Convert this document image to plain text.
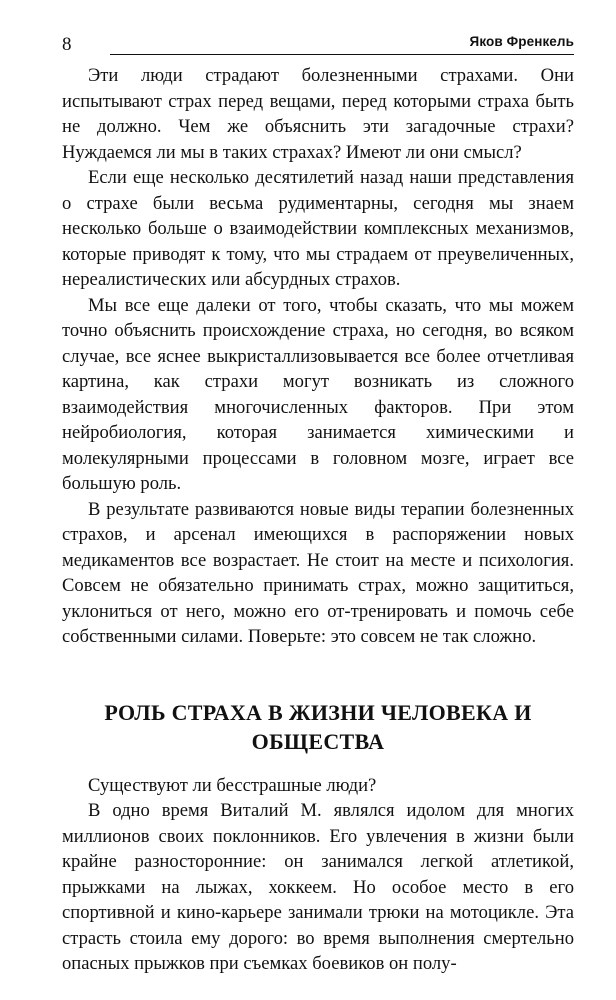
8	Яков Френкель

Эти люди страдают болезненными страхами. Они испытывают страх перед вещами, перед которыми страха быть не должно. Чем же объяснить эти загадочные страхи? Нуждаемся ли мы в таких страхах? Имеют ли они смысл?

Если еще несколько десятилетий назад наши представления о страхе были весьма рудиментарны, сегодня мы знаем несколько больше о взаимодействии комплексных механизмов, которые приводят к тому, что мы страдаем от преувеличенных, нереалистических или абсурдных страхов.

Мы все еще далеки от того, чтобы сказать, что мы можем точно объяснить происхождение страха, но сегодня, во всяком случае, все яснее выкристаллизовывается все более отчетливая картина, как страхи могут возникать из сложного взаимодействия многочисленных факторов. При этом нейробиология, которая занимается химическими и молекулярными процессами в головном мозге, играет все большую роль.

В результате развиваются новые виды терапии болезненных страхов, и арсенал имеющихся в распоряжении новых медикаментов все возрастает. Не стоит на месте и психология. Совсем не обязательно принимать страх, можно защититься, уклониться от него, можно его от-тренировать и помочь себе собственными силами. Поверьте: это совсем не так сложно.

РОЛЬ СТРАХА В ЖИЗНИ ЧЕЛОВЕКА И ОБЩЕСТВА

Существуют ли бесстрашные люди?

В одно время Виталий М. являлся идолом для многих миллионов своих поклонников. Его увлечения в жизни были крайне разносторонние: он занимался легкой атлетикой, прыжками на лыжах, хоккеем. Но особое место в его спортивной и кино-карьере занимали трюки на мотоцикле. Эта страсть стоила ему дорого: во время выполнения смертельно опасных прыжков при съемках боевиков он полу-
